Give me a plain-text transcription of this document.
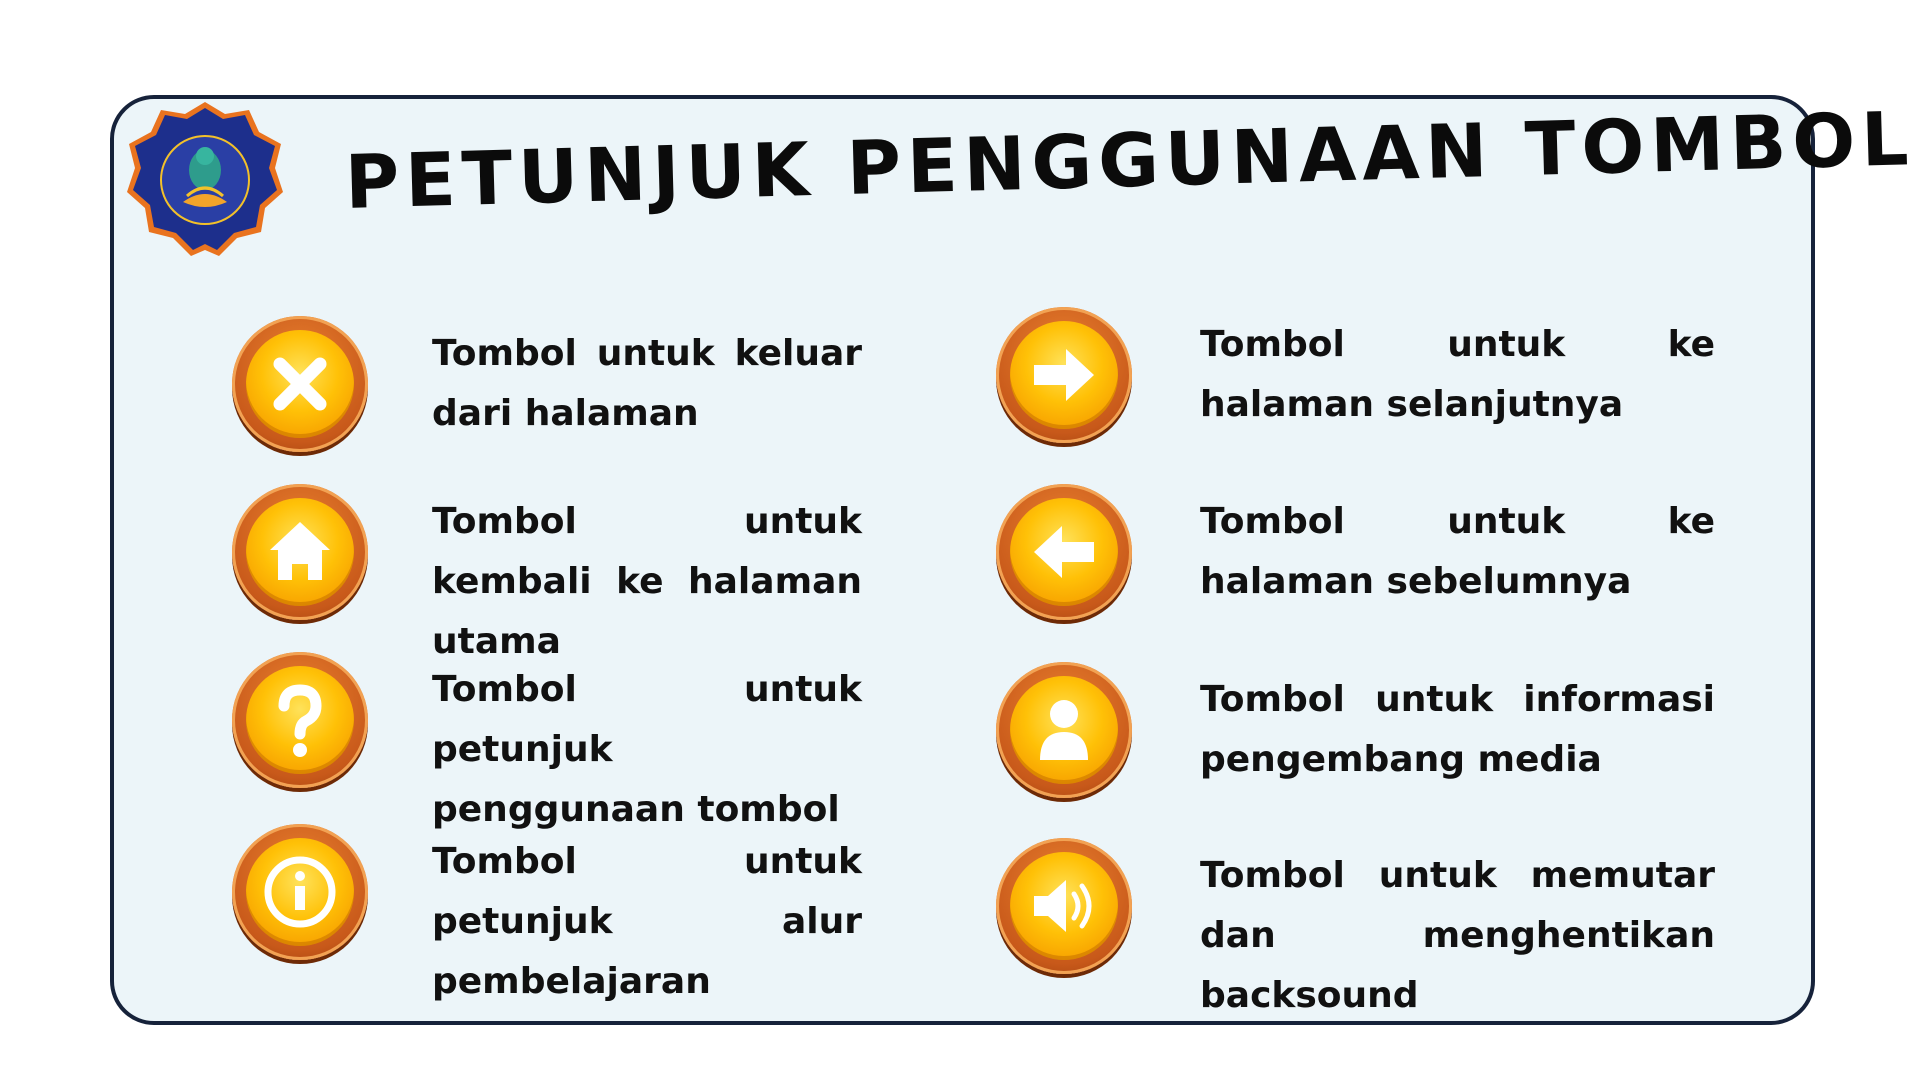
PETUNJUK PENGGUNAAN TOMBOL

Tombol untuk keluar dari halaman

Tombol untuk kembali ke halaman utama

Tombol untuk petunjuk penggunaan tombol

Tombol untuk petunjuk alur pembelajaran

Tombol untuk ke halaman selanjutnya

Tombol untuk ke halaman sebelumnya

Tombol untuk informasi pengembang media

Tombol untuk memutar dan menghentikan backsound
